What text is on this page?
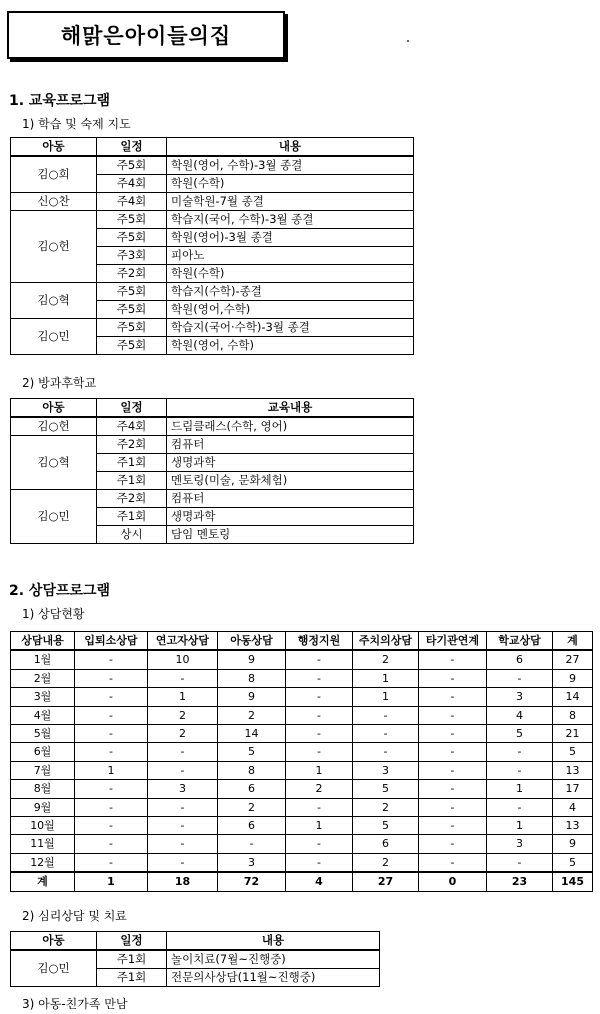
해맑은아이들의집
1. 교육프로그램
1) 학습 및 숙제 지도
아동	일정	내용
김○희	주5회	학원(영어, 수학)-3월 종결
	주4회	학원(수학)
신○찬	주4회	미술학원-7월 종결
김○헌	주5회	학습지(국어, 수학)-3월 종결
	주5회	학원(영어)-3월 종결
	주3회	피아노
	주2회	학원(수학)
김○혁	주5회	학습지(수학)-종결
	주5회	학원(영어,수학)
김○민	주5회	학습지(국어·수학)-3월 종결
	주5회	학원(영어, 수학)
2) 방과후학교
아동	일정	교육내용
김○헌	주4회	드림클래스(수학, 영어)
김○혁	주2회	컴퓨터
	주1회	생명과학
	주1회	멘토링(미술, 문화체험)
김○민	주2회	컴퓨터
	주1회	생명과학
	상시	담임 멘토링
2. 상담프로그램
1) 상담현황
상담내용	입퇴소상담	연고자상담	아동상담	행정지원	주치의상담	타기관연계	학교상담	계
1월	-	10	9	-	2	-	6	27
2월	-	-	8	-	1	-	-	9
3월	-	1	9	-	1	-	3	14
4월	-	2	2	-	-	-	4	8
5월	-	2	14	-	-	-	5	21
6월	-	-	5	-	-	-	-	5
7월	1	-	8	1	3	-	-	13
8월	-	3	6	2	5	-	1	17
9월	-	-	2	-	2	-	-	4
10월	-	-	6	1	5	-	1	13
11월	-	-	-	-	6	-	3	9
12월	-	-	3	-	2	-	-	5
계	1	18	72	4	27	0	23	145
2) 심리상담 및 치료
아동	일정	내용
김○민	주1회	놀이치료(7월~진행중)
	주1회	전문의사상담(11월~진행중)
3) 아동-친가족 만남
